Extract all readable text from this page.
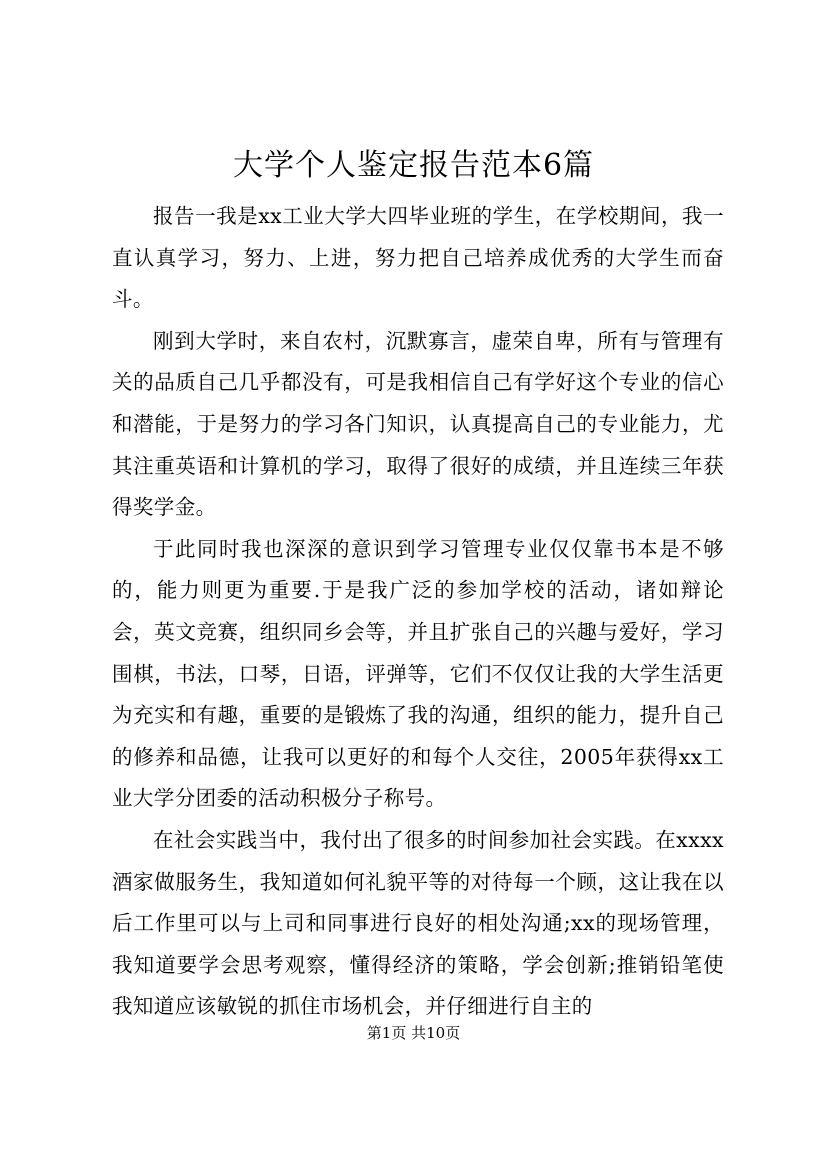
大学个人鉴定报告范本6篇

报告一我是xx工业大学大四毕业班的学生，在学校期间，我一直认真学习，努力、上进，努力把自己培养成优秀的大学生而奋斗。

刚到大学时，来自农村，沉默寡言，虚荣自卑，所有与管理有关的品质自己几乎都没有，可是我相信自己有学好这个专业的信心和潜能，于是努力的学习各门知识，认真提高自己的专业能力，尤其注重英语和计算机的学习，取得了很好的成绩，并且连续三年获得奖学金。

于此同时我也深深的意识到学习管理专业仅仅靠书本是不够的，能力则更为重要.于是我广泛的参加学校的活动，诸如辩论会，英文竞赛，组织同乡会等，并且扩张自己的兴趣与爱好，学习围棋，书法，口琴，日语，评弹等，它们不仅仅让我的大学生活更为充实和有趣，重要的是锻炼了我的沟通，组织的能力，提升自己的修养和品德，让我可以更好的和每个人交往，2005年获得xx工业大学分团委的活动积极分子称号。

在社会实践当中，我付出了很多的时间参加社会实践。在xxxx酒家做服务生，我知道如何礼貌平等的对待每一个顾，这让我在以后工作里可以与上司和同事进行良好的相处沟通;xx的现场管理，我知道要学会思考观察，懂得经济的策略，学会创新;推销铅笔使我知道应该敏锐的抓住市场机会，并仔细进行自主的

第1页 共10页
